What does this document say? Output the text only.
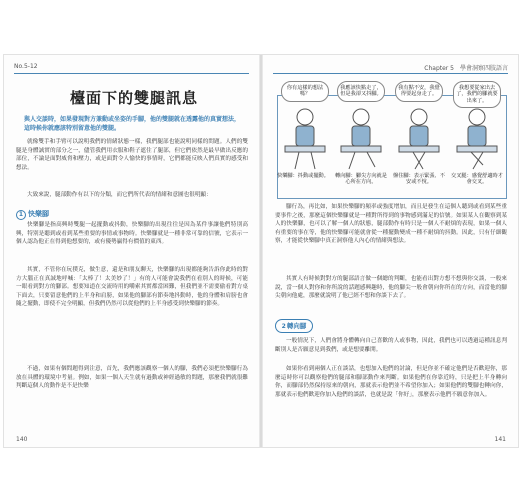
No.5-12
檯面下的雙腿訊息
與人交談時，如果發現對方兼動或坐姿的手腳，他的雙腿就在透露他的真實想法，這時候你就應該特別留意他的雙腿。
就像雙手和手臂可以說明我們的情緒狀態一樣，我們腿部也能說明同樣的問題。人們的雙腿是身體誠實的部分之一，儘管我們用衣服和鞋子遮住了腿部，但它們依然是最早做出反應的部位，不論是面對威脅和壓力，或是面對令人愉快的事情時，它們都能反映人們真實的感受和想法。
大致來說，腿部動作有以下的分類，而它們所代表的情緒和意圖也很明顯：
1 快樂腳
快樂腳是指高興時雙腿一起擺動或抖動，快樂腳的出現往往是因為某件事讓他們特別高興，特別是聽到或看到某些重要的事情或事物時。快樂腳就是一種非常可靠的信號，它表示一個人認為他正在得到他想要的，或有優勢贏得有價值的東西。
其實，不管你在玩撲克，做生意，還是和朋友聊天，快樂腳的出現都能夠告訴你此時的對方大腦正在真誠地呼喊：「太棒了！太美妙了！」有的人可能會說我們在看別人的時候，可能一眼看到對方的腳部。想要知道在交流時用的嚼索其實都當困難，但我們並不需要偷看對方桌下面去，只要留意他們的上半身和肩膀，如果他的腳部有節奏地抖動時，他的身體和肩膀也會隨之擺動，即使不完全明顯，但我們仍然可以從他們的上半身感受到快樂腳的節奏。
不過，如果有個問題得到注意，首先，我們應該觀察一個人的腳，我們必須把快樂腳行為放在具體的環境中考量。例如，如果一個人天生就有過動或神經過敏的問題，那麼我們就很難判斷這個人的動作是不是快樂
140
Chapter 5　學會洞察四肢語言
你有這樣的想法嗎？
我應該快點走了，但是我卻又抖腳。
我有點不安，我覺得要起身走了。
我想要從家出去了，我們的腳就要出來了。
快樂腳：抖動或擺動。 轉向腳：腳尖方向就是心所在方向。
盤住腳：表示緊張、不安或不悅。
交叉腿：感覺舒適時才會交叉。
腳行為，再比如，如果快樂腳的頻率或強度增加，而且是發生在這個人聽到或看到某些重要事件之後，那麼這個快樂腳就是一種對所得到的事物感到滿足的信號。如果某人在觀察到某人的快樂腳，也可以了解一個人的狀態，腿部動作有時只是一個人不耐煩的表現，如果一個人有重要的事在等，他的快樂腳可能就會從一種擺動變成一種不耐煩的抖動。因此，只有仔細觀察，才能從快樂腳中真正洞察他人內心的情緒與想法。
其實人有時候對對方的腿部語言做一個總的判斷，也能看出對方想不想與你交談，一般來說，當一個人對你和你所說的話題感興趣時，他的腳尖一般會朝向你所在的方向，而當他的腳尖朝向他處，那麼就說明了他已經不想和你談下去了。
2轉向腳
一般情況下，人們會將身體轉向自己喜歡的人或事物，因此，我們也可以透過這種訊息判斷別人是否願意見到我們，或是想要離開。
如果你看到兩個人正在談話，也想加入他們的討論，但是你並不確定他們是否歡迎你，那麼這時你可以觀察他們的腿部和腳部動作來判斷。如果他們在你靠近時，只是把上半身轉向你，而腳部仍然保持原來的朝向，那就表示他們並不希望你加入；如果他們的雙腳也轉向你，那就表示他們歡迎你加入他們的談話，也就是說「你好」，那麼表示他們不願意你加入。
141
